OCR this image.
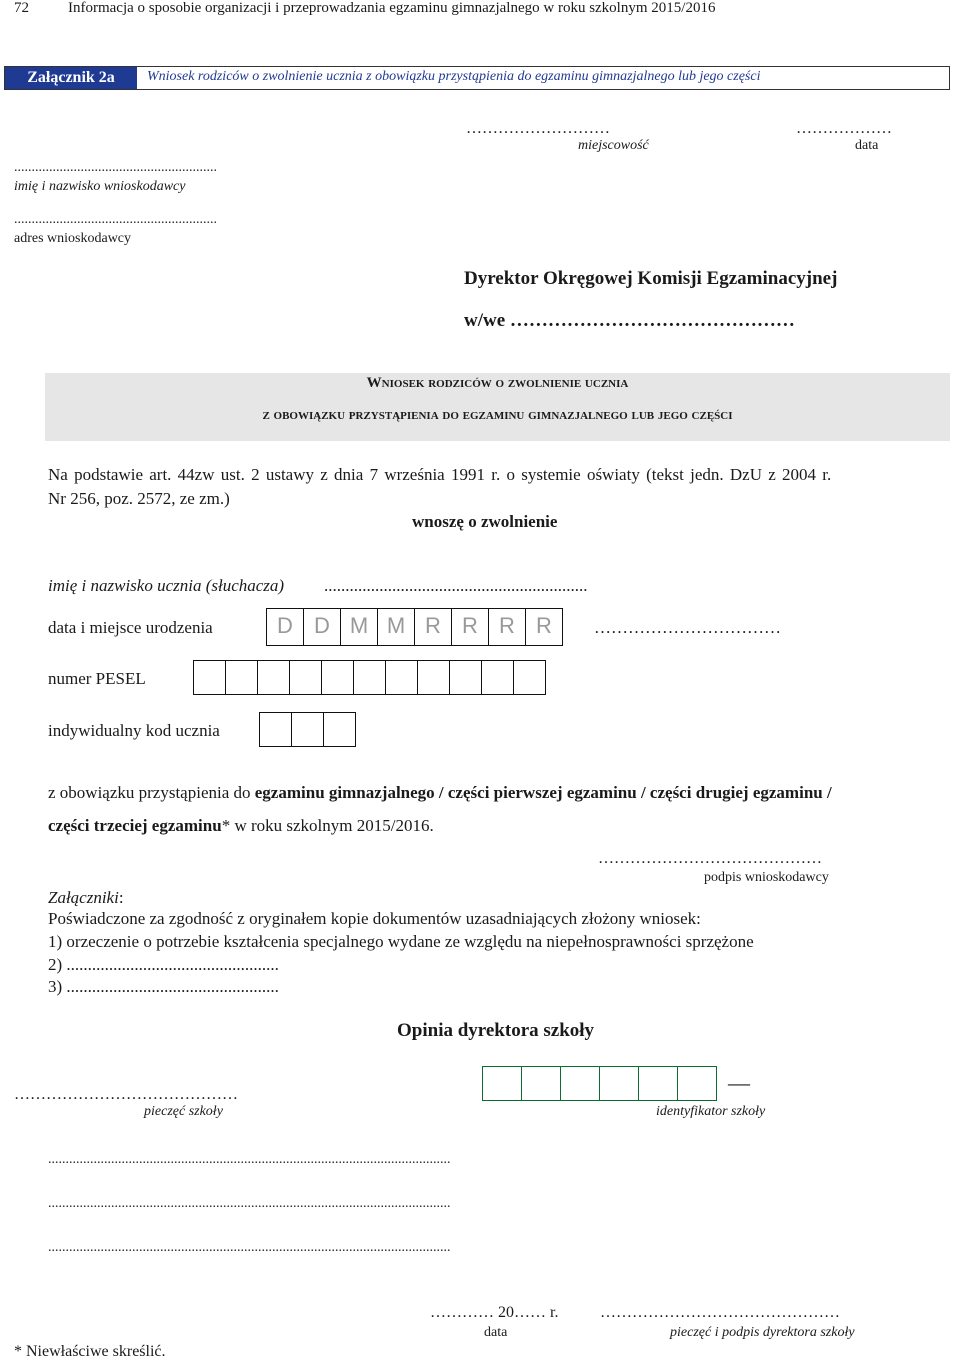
72	Informacja o sposobie organizacji i przeprowadzania egzaminu gimnazjalnego w roku szkolnym 2015/2016
Załącznik 2a	Wniosek rodziców o zwolnienie ucznia z obowiązku przystąpienia do egzaminu gimnazjalnego lub jego części
..........................................................
imię i nazwisko wnioskodawcy
..........................................................
adres wnioskodawcy
………………………
miejscowość
………………
data
Dyrektor Okręgowej Komisji Egzaminacyjnej
w/we ………………………………………
Wniosek rodziców o zwolnienie ucznia
z obowiązku przystąpienia do egzaminu gimnazjalnego lub jego części
Na podstawie art. 44zw ust. 2 ustawy z dnia 7 września 1991 r. o systemie oświaty (tekst jedn. DzU z 2004 r.
Nr 256, poz. 2572, ze zm.)
wnoszę o zwolnienie
imię i nazwisko ucznia (słuchacza) ..............................................................
data i miejsce urodzenia	D D M M R R R R	……………………………
numer PESEL
indywidualny kod ucznia
z obowiązku przystąpienia do egzaminu gimnazjalnego / części pierwszej egzaminu / części drugiej egzaminu /
części trzeciej egzaminu* w roku szkolnym 2015/2016.
……………………………………
podpis wnioskodawcy
Załączniki:
Poświadczone za zgodność z oryginałem kopie dokumentów uzasadniających złożony wniosek:
1) orzeczenie o potrzebie kształcenia specjalnego wydane ze względu na niepełnosprawności sprzężone
2) ..................................................
3) ..................................................
Opinia dyrektora szkoły
……………………………………
pieczęć szkoły
—
identyfikator szkoły
...................................................................................................................
...................................................................................................................
...................................................................................................................
………… 20…… r.
data
………………………………………
pieczęć i podpis dyrektora szkoły
* Niewłaściwe skreślić.
